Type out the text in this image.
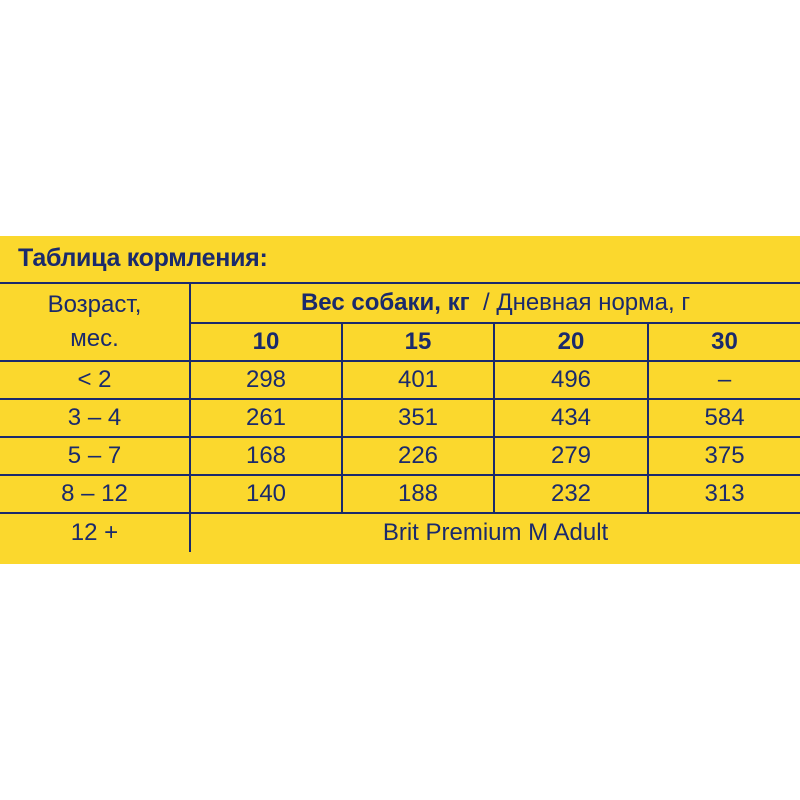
Таблица кормления:
Возраст,
мес.	Вес собаки, кг / Дневная норма, г			
	10	15	20	30
< 2	298	401	496	–
3 – 4	261	351	434	584
5 – 7	168	226	279	375
8 – 12	140	188	232	313
12 +	Brit Premium M Adult			
